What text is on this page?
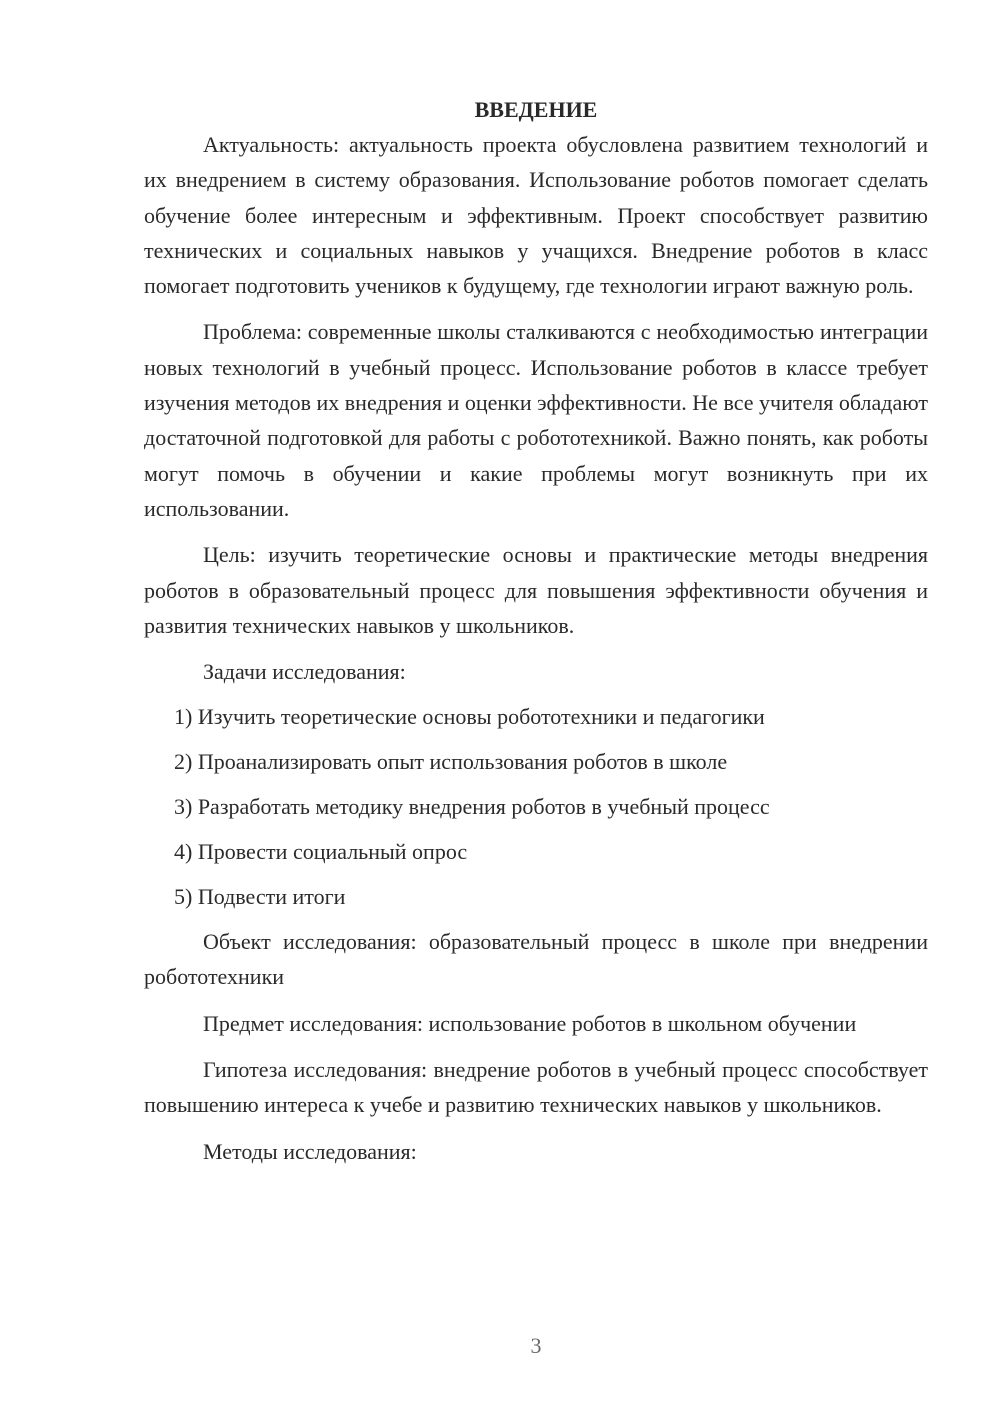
ВВЕДЕНИЕ

Актуальность: актуальность проекта обусловлена развитием технологий и их внедрением в систему образования. Использование роботов помогает сделать обучение более интересным и эффективным. Проект способствует развитию технических и социальных навыков у учащихся. Внедрение роботов в класс помогает подготовить учеников к будущему, где технологии играют важную роль.

Проблема: современные школы сталкиваются с необходимостью интеграции новых технологий в учебный процесс. Использование роботов в классе требует изучения методов их внедрения и оценки эффективности. Не все учителя обладают достаточной подготовкой для работы с робототехникой. Важно понять, как роботы могут помочь в обучении и какие проблемы могут возникнуть при их использовании.

Цель: изучить теоретические основы и практические методы внедрения роботов в образовательный процесс для повышения эффективности обучения и развития технических навыков у школьников.

Задачи исследования:

1) Изучить теоретические основы робототехники и педагогики
2) Проанализировать опыт использования роботов в школе
3) Разработать методику внедрения роботов в учебный процесс
4) Провести социальный опрос
5) Подвести итоги

Объект исследования: образовательный процесс в школе при внедрении робототехники

Предмет исследования: использование роботов в школьном обучении

Гипотеза исследования: внедрение роботов в учебный процесс способствует повышению интереса к учебе и развитию технических навыков у школьников.

Методы исследования:

3
